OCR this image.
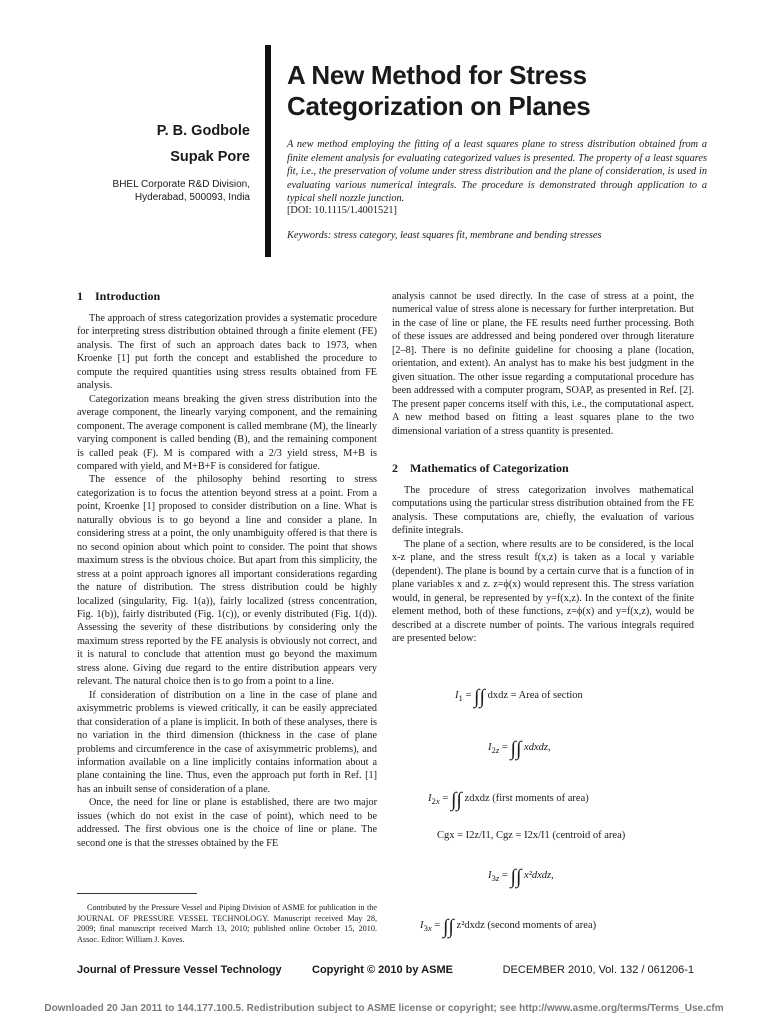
P. B. Godbole
Supak Pore
BHEL Corporate R&D Division,
Hyderabad, 500093, India
A New Method for Stress Categorization on Planes
A new method employing the fitting of a least squares plane to stress distribution obtained from a finite element analysis for evaluating categorized values is presented. The property of a least squares fit, i.e., the preservation of volume under stress distribution and the plane of consideration, is used in evaluating various numerical integrals. The procedure is demonstrated through application to a typical shell nozzle junction.
[DOI: 10.1115/1.4001521]
Keywords: stress category, least squares fit, membrane and bending stresses
1 Introduction

The approach of stress categorization provides a systematic procedure for interpreting stress distribution obtained through a finite element (FE) analysis. The first of such an approach dates back to 1973, when Kroenke [1] put forth the concept and established the procedure to compute the required quantities using stress results obtained from FE analysis.

Categorization means breaking the given stress distribution into the average component, the linearly varying component, and the remaining component. The average component is called membrane (M), the linearly varying component is called bending (B), and the remaining component is called peak (F). M is compared with a 2/3 yield stress, M+B is compared with yield, and M+B+F is considered for fatigue.

The essence of the philosophy behind resorting to stress categorization is to focus the attention beyond stress at a point. From a point, Kroenke [1] proposed to consider distribution on a line. What is naturally obvious is to go beyond a line and consider a plane. In considering stress at a point, the only unambiguity offered is that there is no second opinion about which point to consider. The point that shows maximum stress is the obvious choice. But apart from this simplicity, the stress at a point approach ignores all important considerations regarding the nature of distribution. The stress distribution could be highly localized (singularity, Fig. 1(a)), fairly localized (stress concentration, Fig. 1(b)), fairly distributed (Fig. 1(c)), or evenly distributed (Fig. 1(d)). Assessing the severity of these distributions by considering only the maximum stress reported by the FE analysis is obviously not correct, and it is natural to conclude that attention must go beyond the maximum stress alone. Giving due regard to the entire distribution appears very relevant. The natural choice then is to go from a point to a line.

If consideration of distribution on a line in the case of plane and axisymmetric problems is viewed critically, it can be easily appreciated that consideration of a plane is implicit. In both of these analyses, there is no variation in the third dimension (thickness in the case of plane problems and circumference in the case of axisymmetric problems), and information available on a line implicitly contains information about a plane containing the line. Thus, even the approach put forth in Ref. [1] has an inbuilt sense of consideration of a plane.

Once, the need for line or plane is established, there are two major issues (which do not exist in the case of point), which need to be addressed. The first obvious one is the choice of line or plane. The second one is that the stresses obtained by the FE

analysis cannot be used directly. In the case of stress at a point, the numerical value of stress alone is necessary for further interpretation. But in the case of line or plane, the FE results need further processing. Both of these issues are addressed and being pondered over through literature [2–8]. There is no definite guideline for choosing a plane (location, orientation, and extent). An analyst has to make his best judgment in the given situation. The other issue regarding a computational procedure has been addressed with a computer program, SOAP, as presented in Ref. [2]. The present paper concerns itself with this, i.e., the computational aspect. A new method based on fitting a least squares plane to the two dimensional variation of a stress quantity is presented.

2 Mathematics of Categorization

The procedure of stress categorization involves mathematical computations using the particular stress distribution obtained from the FE analysis. These computations are, chiefly, the evaluation of various definite integrals.

The plane of a section, where results are to be considered, is the local x-z plane, and the stress result f(x,z) is taken as a local y variable (dependent). The plane is bound by a certain curve that is a function of in plane variables x and z. z=ϕ(x) would represent this. The stress variation would, in general, be represented by y=f(x,z). In the context of the finite element method, both of these functions, z=ϕ(x) and y=f(x,z), would be described at a discrete number of points. The various integrals required are presented below:

$I_1$ = ∫∫ dxdz = Area of section
$I_{2z}$ = ∫∫ xdxdz,
$I_{2x}$ = ∫∫ zdxdz (first moments of area)
Cgx = I2z/I1, Cgz = I2x/I1 (centroid of area)
$I_{3z}$ = ∫∫ x²dxdz,
$I_{3x}$ = ∫∫ z²dxdz (second moments of area)
Contributed by the Pressure Vessel and Piping Division of ASME for publication in the JOURNAL OF PRESSURE VESSEL TECHNOLOGY. Manuscript received May 28, 2009; final manuscript received March 13, 2010; published online October 15, 2010. Assoc. Editor: William J. Koves.
Journal of Pressure Vessel Technology	Copyright © 2010 by ASME	DECEMBER 2010, Vol. 132 / 061206-1
Downloaded 20 Jan 2011 to 144.177.100.5. Redistribution subject to ASME license or copyright; see http://www.asme.org/terms/Terms_Use.cfm
